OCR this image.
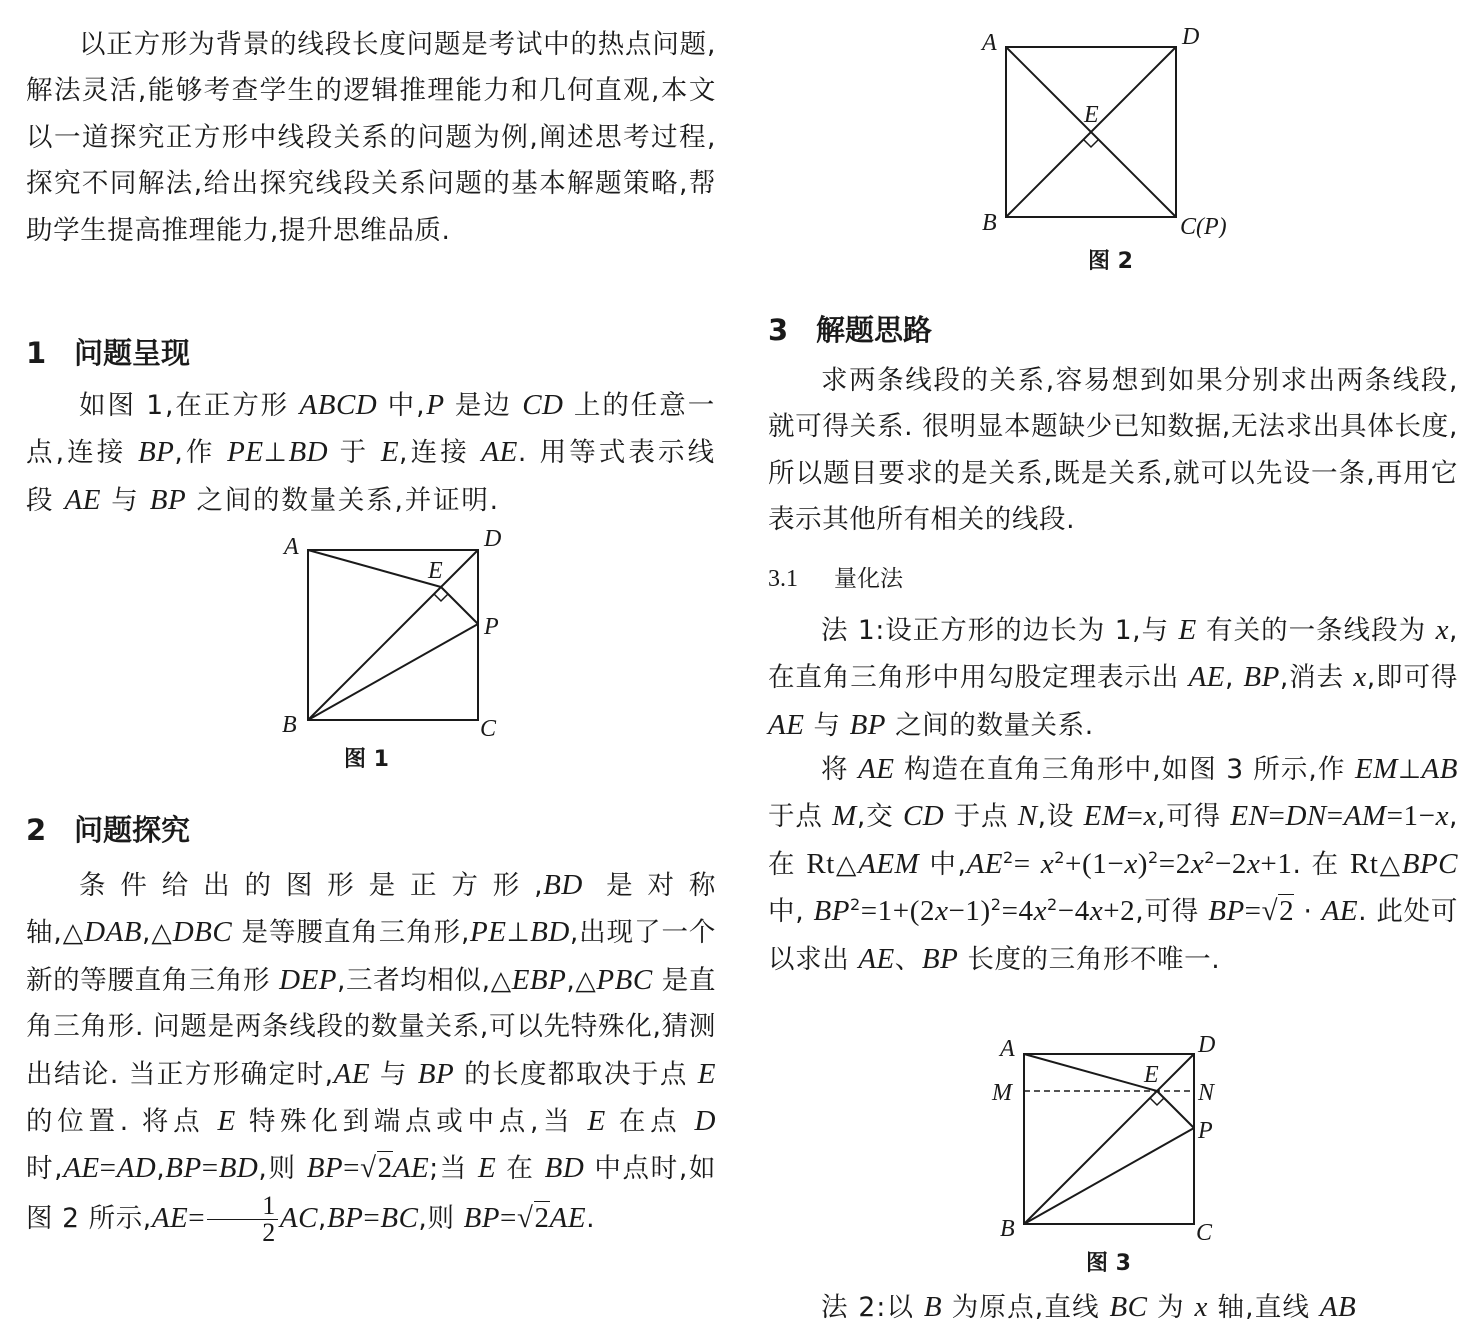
以正方形为背景的线段长度问题是考试中的热点问题,解法灵活,能够考查学生的逻辑推理能力和几何直观,本文以一道探究正方形中线段关系的问题为例,阐述思考过程,探究不同解法,给出探究线段关系问题的基本解题策略,帮助学生提高推理能力,提升思维品质.

1 问题呈现

如图 1,在正方形 ABCD 中,P 是边 CD 上的任意一点,连接 BP,作 PE⊥BD 于 E,连接 AE. 用等式表示线段 AE 与 BP 之间的数量关系,并证明.

A	D
E
P
B	C
图 1
2 问题探究

条件给出的图形是正方形,BD 是对称轴,△DAB,△DBC 是等腰直角三角形,PE⊥BD,出现了一个新的等腰直角三角形 DEP,三者均相似,△EBP,△PBC 是直角三角形. 问题是两条线段的数量关系,可以先特殊化,猜测出结论. 当正方形确定时,AE 与 BP 的长度都取决于点 E 的位置. 将点 E 特殊化到端点或中点,当 E 在点 D 时,AE=AD,BP=BD,则 BP=√2AE;当 E 在 BD 中点时,如图 2 所示$,AE= \frac{1}{2} AC,BP=BC$,则 BP=√2AE.

A	D
E
B	C(P)
图 2
3 解题思路

求两条线段的关系,容易想到如果分别求出两条线段,就可得关系. 很明显本题缺少已知数据,无法求出具体长度,所以题目要求的是关系,既是关系,就可以先设一条,再用它表示其他所有相关的线段.

3.1 量化法

法 1:设正方形的边长为 1,与 E 有关的一条线段为 x,在直角三角形中用勾股定理表示出 AE, BP,消去 x,即可得 AE 与 BP 之间的数量关系.

将 AE 构造在直角三角形中,如图 3 所示,作 EM⊥AB 于点 M,交 CD 于点 N,设 EM=x,可得 EN=DN=AM=1−x,在 Rt△AEM 中$,AE^2= x^2+(1-x)^2=2x^2-2x+1$. 在 Rt△BPC 中, $BP^2=1+(2x-1)^2=4x^2-4x+2$,可得 BP=√2 · AE. 此处可以求出 AE、BP 长度的三角形不唯一.

A	D
M
E
N
P
B	C
图 3

法 2:以 B 为原点,直线 BC 为 x 轴,直线 AB
